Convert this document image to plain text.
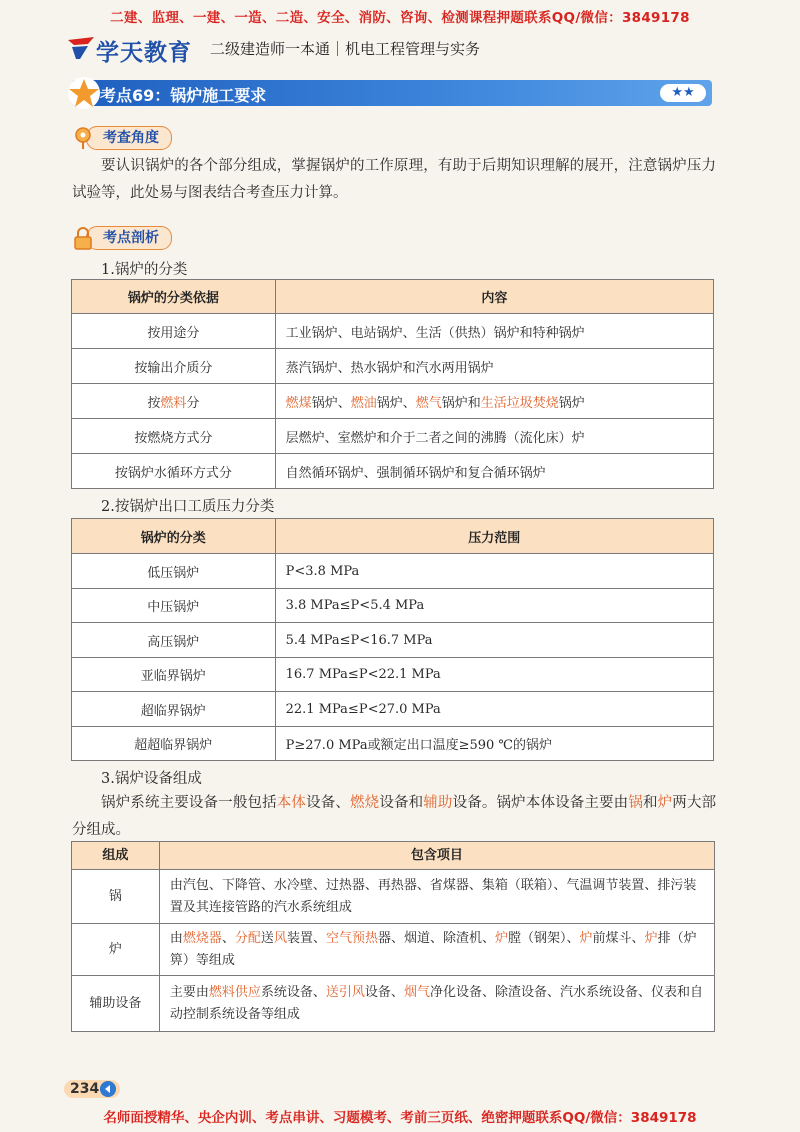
二建、监理、一建、一造、二造、安全、消防、咨询、检测课程押题联系QQ/微信：3849178
学天教育 二级建造师一本通｜机电工程管理与实务
考点69：锅炉施工要求	★★
考查角度
要认识锅炉的各个部分组成，掌握锅炉的工作原理，有助于后期知识理解的展开，注意锅炉压力试验等，此处易与图表结合考查压力计算。
考点剖析
1.锅炉的分类
锅炉的分类依据	内容
按用途分	工业锅炉、电站锅炉、生活（供热）锅炉和特种锅炉
按输出介质分	蒸汽锅炉、热水锅炉和汽水两用锅炉
按燃料分	燃煤锅炉、燃油锅炉、燃气锅炉和生活垃圾焚烧锅炉
按燃烧方式分	层燃炉、室燃炉和介于二者之间的沸腾（流化床）炉
按锅炉水循环方式分	自然循环锅炉、强制循环锅炉和复合循环锅炉
2.按锅炉出口工质压力分类
锅炉的分类	压力范围
低压锅炉	P<3.8 MPa
中压锅炉	3.8 MPa≤P<5.4 MPa
高压锅炉	5.4 MPa≤P<16.7 MPa
亚临界锅炉	16.7 MPa≤P<22.1 MPa
超临界锅炉	22.1 MPa≤P<27.0 MPa
超超临界锅炉	P≥27.0 MPa或额定出口温度≥590 ℃的锅炉
3.锅炉设备组成
锅炉系统主要设备一般包括本体设备、燃烧设备和辅助设备。锅炉本体设备主要由锅和炉两大部分组成。
组成	包含项目
锅	由汽包、下降管、水冷壁、过热器、再热器、省煤器、集箱（联箱）、气温调节装置、排污装置及其连接管路的汽水系统组成
炉	由燃烧器、分配送风装置、空气预热器、烟道、除渣机、炉膛（钢架）、炉前煤斗、炉排（炉箅）等组成
辅助设备	主要由燃料供应系统设备、送引风设备、烟气净化设备、除渣设备、汽水系统设备、仪表和自动控制系统设备等组成
234
名师面授精华、央企内训、考点串讲、习题模考、考前三页纸、绝密押题联系QQ/微信：3849178
